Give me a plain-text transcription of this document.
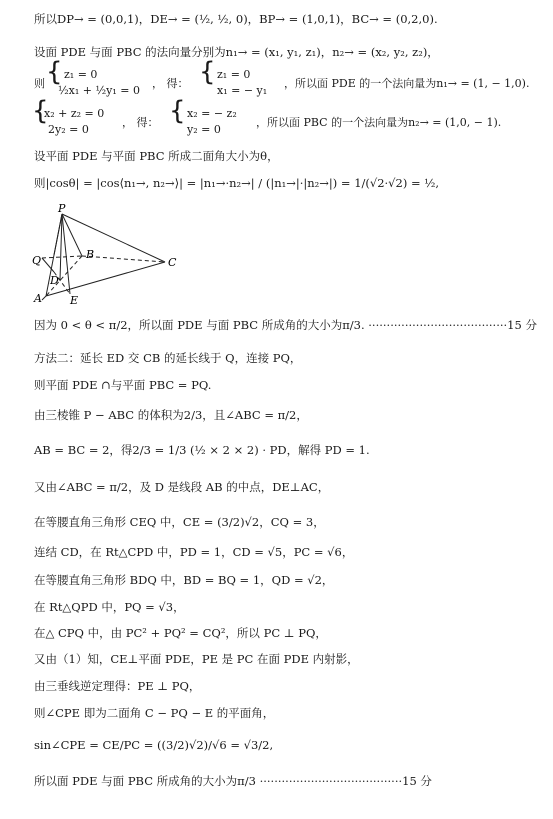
所以DP→ = (0,0,1)，DE→ = (½, ½, 0)，BP→ = (1,0,1)，BC→ = (0,2,0).
设面 PDE 与面 PBC 的法向量分别为n₁→ = (x₁, y₁, z₁)，n₂→ = (x₂, y₂, z₂)，
则 { z₁ = 0
½x₁ + ½y₁ = 0
， 得： { z₁ = 0
x₁ = − y₁
，所以面 PDE 的一个法向量为n₁→ = (1, − 1,0).
{
x₂ + z₂ = 0
2y₂ = 0
， 得： { x₂ = − z₂
y₂ = 0
，所以面 PBC 的一个法向量为n₂→ = (1,0, − 1).
设平面 PDE 与平面 PBC 所成二面角大小为θ，
则|cosθ| = |cos⟨n₁→, n₂→⟩| = |n₁→·n₂→| / (|n₁→|·|n₂→|) = 1/(√2·√2) = ½,
P
B
C
Q
D
A	E
因为 0 < θ < π/2，所以面 PDE 与面 PBC 所成角的大小为π/3. ······································15 分
方法二：延长 ED 交 CB 的延长线于 Q，连接 PQ，
则平面 PDE ∩与平面 PBC = PQ.
由三棱锥 P − ABC 的体积为2/3，且∠ABC = π/2，
AB = BC = 2，得2/3 = 1/3 (½ × 2 × 2) · PD，解得 PD = 1.
又由∠ABC = π/2，及 D 是线段 AB 的中点，DE⊥AC，
在等腰直角三角形 CEQ 中，CE = (3/2)√2，CQ = 3，
连结 CD，在 Rt△CPD 中，PD = 1，CD = √5，PC = √6，
在等腰直角三角形 BDQ 中，BD = BQ = 1，QD = √2，
在 Rt△QPD 中，PQ = √3，
在△ CPQ 中，由 PC² + PQ² = CQ²，所以 PC ⊥ PQ，
又由（1）知，CE⊥平面 PDE，PE 是 PC 在面 PDE 内射影，
由三垂线逆定理得：PE ⊥ PQ，
则∠CPE 即为二面角 C − PQ − E 的平面角，
sin∠CPE = CE/PC = ((3/2)√2)/√6 = √3/2,
所以面 PDE 与面 PBC 所成角的大小为π/3 ·······································15 分
